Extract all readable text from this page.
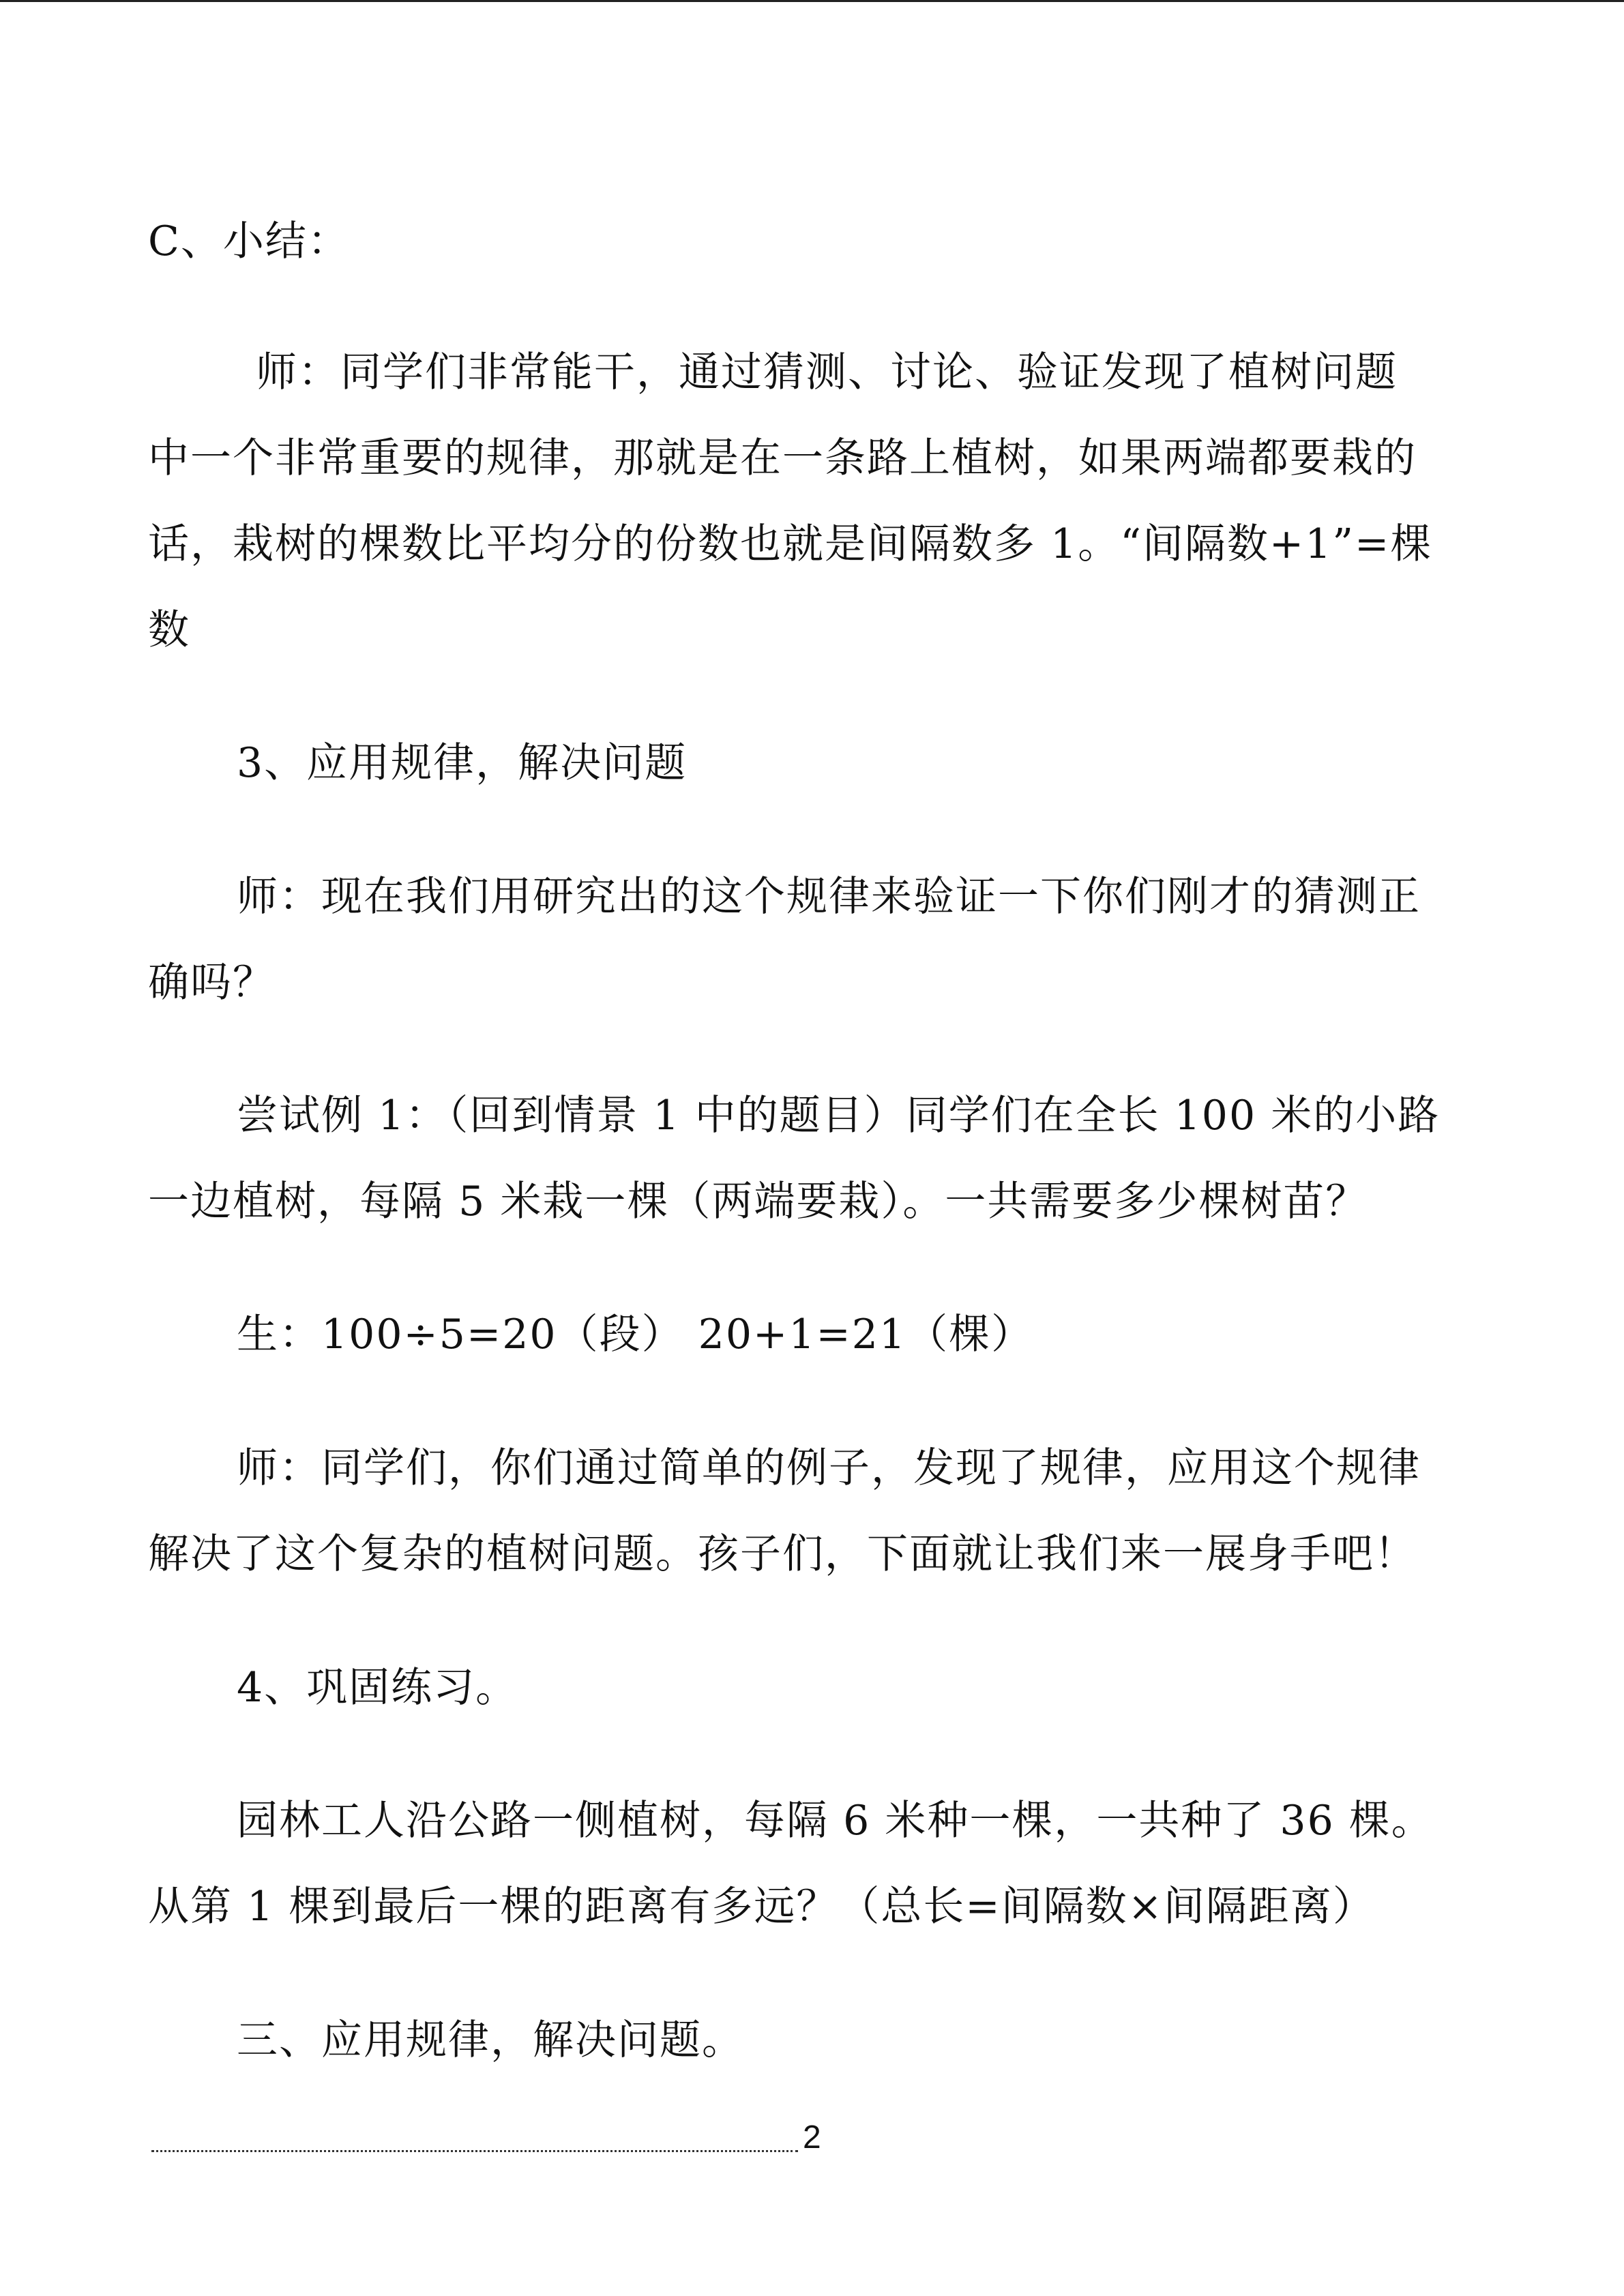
C、小结：
师：同学们非常能干，通过猜测、讨论、验证发现了植树问题
中一个非常重要的规律，那就是在一条路上植树，如果两端都要栽的
话，栽树的棵数比平均分的份数也就是间隔数多 1。“间隔数+1”=棵
数
3、应用规律，解决问题
师：现在我们用研究出的这个规律来验证一下你们刚才的猜测正
确吗？
尝试例 1：（回到情景 1 中的题目）同学们在全长 100 米的小路
一边植树，每隔 5 米栽一棵（两端要栽）。一共需要多少棵树苗？
生：100÷5=20（段） 20+1=21（棵）
师：同学们，你们通过简单的例子，发现了规律，应用这个规律
解决了这个复杂的植树问题。孩子们，下面就让我们来一展身手吧！
4、巩固练习。
园林工人沿公路一侧植树，每隔 6 米种一棵，一共种了 36 棵。
从第 1 棵到最后一棵的距离有多远？（总长=间隔数×间隔距离）
三、应用规律，解决问题。
2
